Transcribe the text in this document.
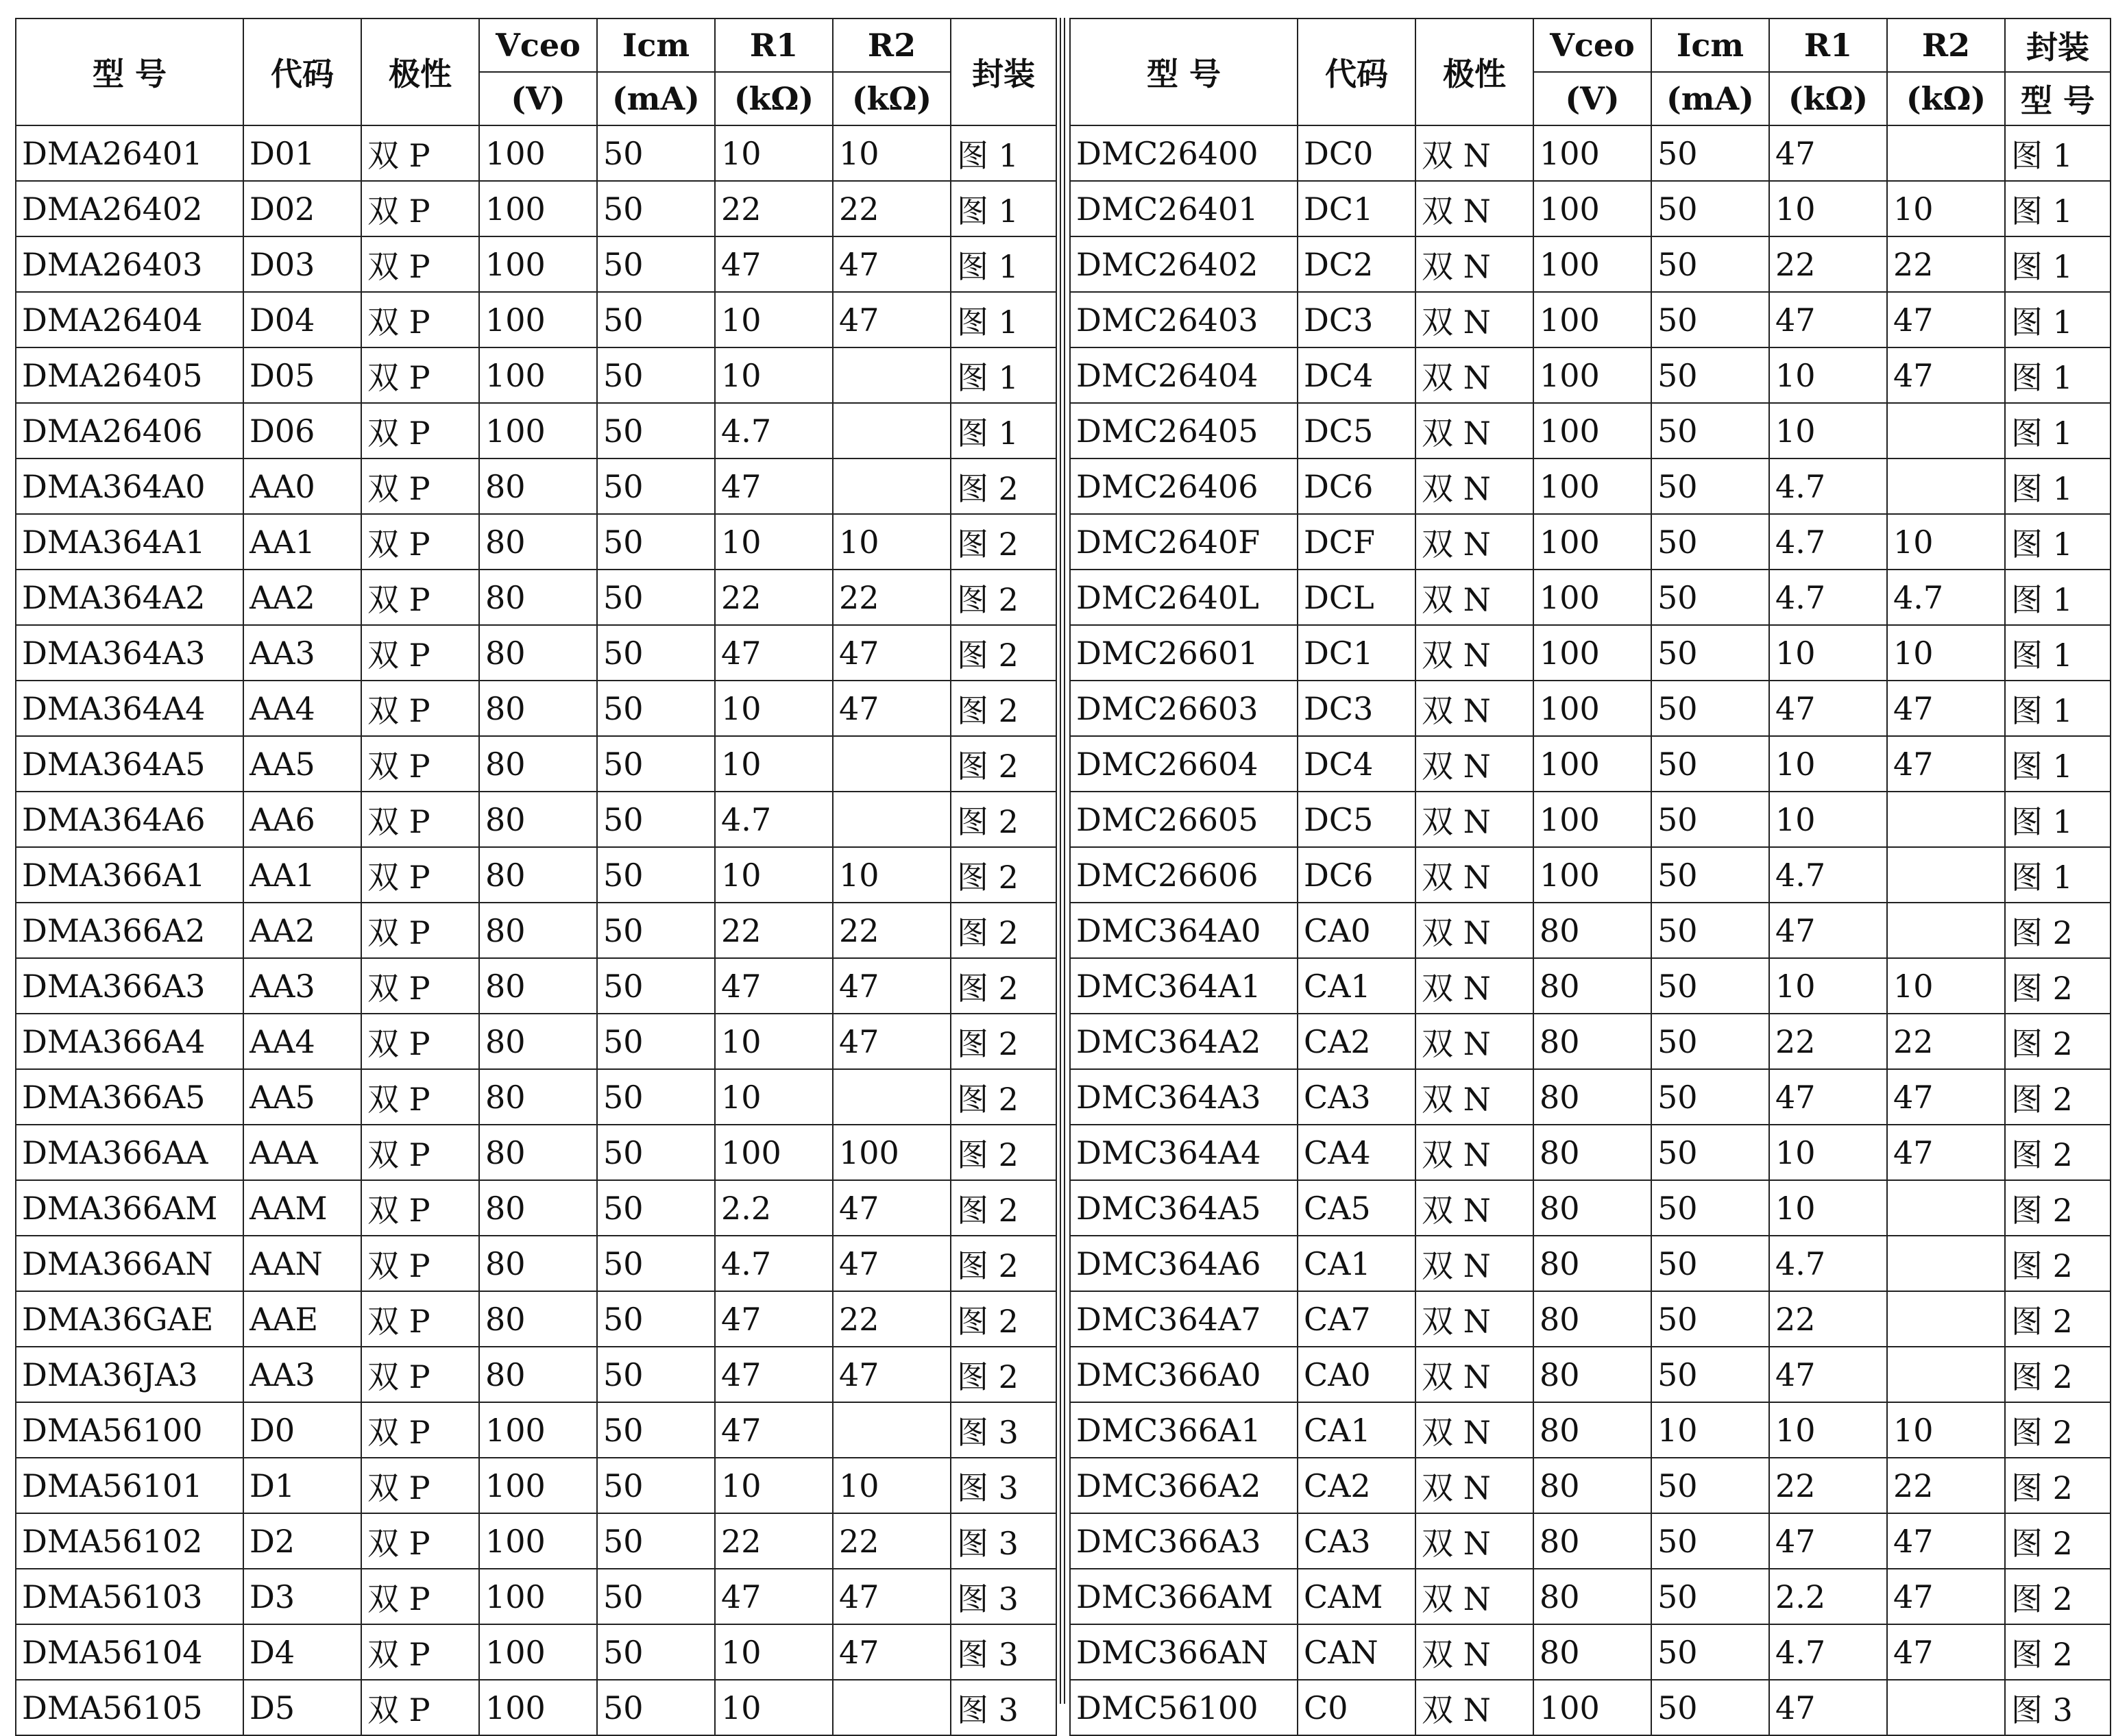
型 号	代码	极性	Vceo	Icm	R1	R2	封装
			(V)	(mA)	(kΩ)	(kΩ)	
DMA26401	D01	双 P	100	50	10	10	图 1
DMA26402	D02	双 P	100	50	22	22	图 1
DMA26403	D03	双 P	100	50	47	47	图 1
DMA26404	D04	双 P	100	50	10	47	图 1
DMA26405	D05	双 P	100	50	10		图 1
DMA26406	D06	双 P	100	50	4.7		图 1
DMA364A0	AA0	双 P	80	50	47		图 2
DMA364A1	AA1	双 P	80	50	10	10	图 2
DMA364A2	AA2	双 P	80	50	22	22	图 2
DMA364A3	AA3	双 P	80	50	47	47	图 2
DMA364A4	AA4	双 P	80	50	10	47	图 2
DMA364A5	AA5	双 P	80	50	10		图 2
DMA364A6	AA6	双 P	80	50	4.7		图 2
DMA366A1	AA1	双 P	80	50	10	10	图 2
DMA366A2	AA2	双 P	80	50	22	22	图 2
DMA366A3	AA3	双 P	80	50	47	47	图 2
DMA366A4	AA4	双 P	80	50	10	47	图 2
DMA366A5	AA5	双 P	80	50	10		图 2
DMA366AA	AAA	双 P	80	50	100	100	图 2
DMA366AM	AAM	双 P	80	50	2.2	47	图 2
DMA366AN	AAN	双 P	80	50	4.7	47	图 2
DMA36GAE	AAE	双 P	80	50	47	22	图 2
DMA36JA3	AA3	双 P	80	50	47	47	图 2
DMA56100	D0	双 P	100	50	47		图 3
DMA56101	D1	双 P	100	50	10	10	图 3
DMA56102	D2	双 P	100	50	22	22	图 3
DMA56103	D3	双 P	100	50	47	47	图 3
DMA56104	D4	双 P	100	50	10	47	图 3
DMA56105	D5	双 P	100	50	10		图 3
型 号	代码	极性	Vceo	Icm	R1	R2	封装
			(V)	(mA)	(kΩ)	(kΩ)	型 号
DMC26400	DC0	双 N	100	50	47		图 1
DMC26401	DC1	双 N	100	50	10	10	图 1
DMC26402	DC2	双 N	100	50	22	22	图 1
DMC26403	DC3	双 N	100	50	47	47	图 1
DMC26404	DC4	双 N	100	50	10	47	图 1
DMC26405	DC5	双 N	100	50	10		图 1
DMC26406	DC6	双 N	100	50	4.7		图 1
DMC2640F	DCF	双 N	100	50	4.7	10	图 1
DMC2640L	DCL	双 N	100	50	4.7	4.7	图 1
DMC26601	DC1	双 N	100	50	10	10	图 1
DMC26603	DC3	双 N	100	50	47	47	图 1
DMC26604	DC4	双 N	100	50	10	47	图 1
DMC26605	DC5	双 N	100	50	10		图 1
DMC26606	DC6	双 N	100	50	4.7		图 1
DMC364A0	CA0	双 N	80	50	47		图 2
DMC364A1	CA1	双 N	80	50	10	10	图 2
DMC364A2	CA2	双 N	80	50	22	22	图 2
DMC364A3	CA3	双 N	80	50	47	47	图 2
DMC364A4	CA4	双 N	80	50	10	47	图 2
DMC364A5	CA5	双 N	80	50	10		图 2
DMC364A6	CA1	双 N	80	50	4.7		图 2
DMC364A7	CA7	双 N	80	50	22		图 2
DMC366A0	CA0	双 N	80	50	47		图 2
DMC366A1	CA1	双 N	80	10	10	10	图 2
DMC366A2	CA2	双 N	80	50	22	22	图 2
DMC366A3	CA3	双 N	80	50	47	47	图 2
DMC366AM	CAM	双 N	80	50	2.2	47	图 2
DMC366AN	CAN	双 N	80	50	4.7	47	图 2
DMC56100	C0	双 N	100	50	47		图 3
